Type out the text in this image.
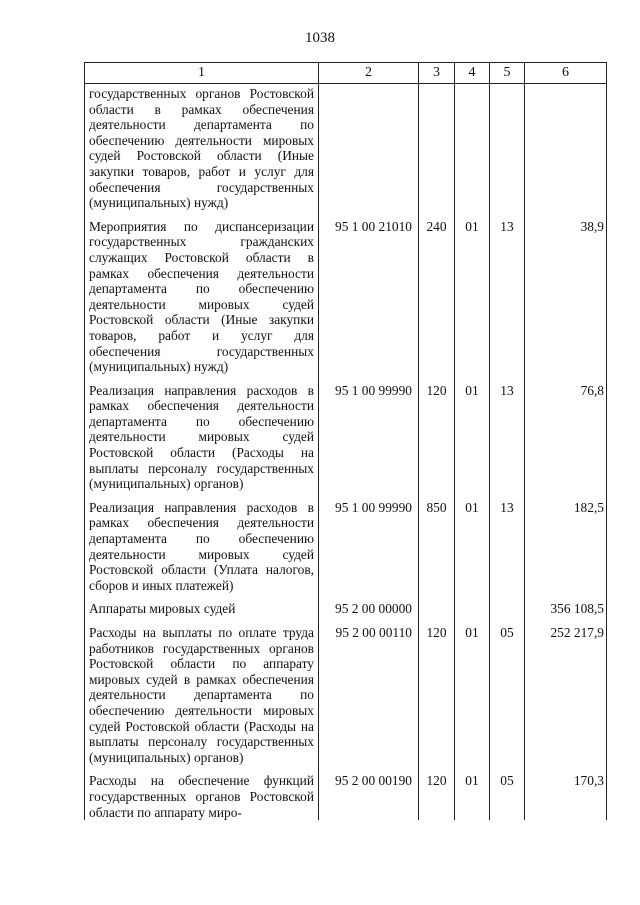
1038
1	2	3	4	5	6
государственных органов Ростовской области в рамках обеспечения деятельности департамента по обеспечению деятельности мировых судей Ростовской области (Иные закупки товаров, работ и услуг для обеспечения государственных (муниципальных) нужд)					
Мероприятия по диспансеризации государственных гражданских служащих Ростовской области в рамках обеспечения деятельности департамента по обеспечению деятельности мировых судей Ростовской области (Иные закупки товаров, работ и услуг для обеспечения государственных (муниципальных) нужд)	95 1 00 21010	240	01	13	38,9
Реализация направления расходов в рамках обеспечения деятельности департамента по обеспечению деятельности мировых судей Ростовской области (Расходы на выплаты персоналу государственных (муниципальных) органов)	95 1 00 99990	120	01	13	76,8
Реализация направления расходов в рамках обеспечения деятельности департамента по обеспечению деятельности мировых судей Ростовской области (Уплата налогов, сборов и иных платежей)	95 1 00 99990	850	01	13	182,5
Аппараты мировых судей	95 2 00 00000				356 108,5
Расходы на выплаты по оплате труда работников государственных органов Ростовской области по аппарату мировых судей в рамках обеспечения деятельности департамента по обеспечению деятельности мировых судей Ростовской области (Расходы на выплаты персоналу государственных (муниципальных) органов)	95 2 00 00110	120	01	05	252 217,9
Расходы на обеспечение функций государственных органов Ростовской области по аппарату миро-	95 2 00 00190	120	01	05	170,3
